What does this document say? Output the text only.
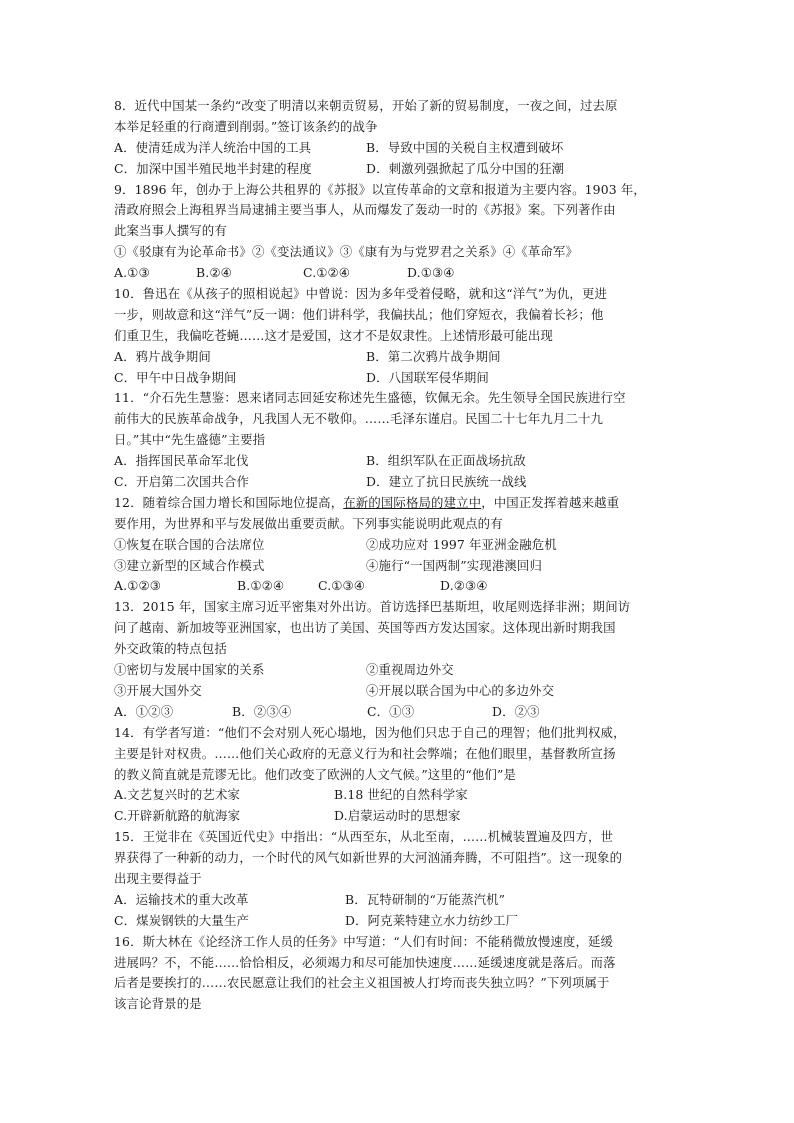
8．近代中国某一条约“改变了明清以来朝贡贸易，开始了新的贸易制度，一夜之间，过去原
本举足轻重的行商遭到削弱。”签订该条约的战争
A．使清廷成为洋人统治中国的工具	B．导致中国的关税自主权遭到破坏
C．加深中国半殖民地半封建的程度	D．刺激列强掀起了瓜分中国的狂潮
9．1896 年，创办于上海公共租界的《苏报》以宣传革命的文章和报道为主要内容。1903 年，
清政府照会上海租界当局逮捕主要当事人，从而爆发了轰动一时的《苏报》案。下列著作由
此案当事人撰写的有
①《驳康有为论革命书》②《变法通议》③《康有为与党罗君之关系》④《革命军》
A.①③	B.②④	C.①②④	D.①③④
10．鲁迅在《从孩子的照相说起》中曾说：因为多年受着侵略，就和这“洋气”为仇，更进
一步，则故意和这“洋气”反一调：他们讲科学，我偏扶乩；他们穿短衣，我偏着长衫；他
们重卫生，我偏吃苍蝇……这才是爱国，这才不是奴隶性。上述情形最可能出现
A．鸦片战争期间	B．第二次鸦片战争期间
C．甲午中日战争期间	D．八国联军侵华期间
11．“介石先生慧鉴：恩来诸同志回延安称述先生盛德，钦佩无余。先生领导全国民族进行空
前伟大的民族革命战争，凡我国人无不敬仰。……毛泽东谨启。民国二十七年九月二十九
日。”其中“先生盛德”主要指
A．指挥国民革命军北伐	B．组织军队在正面战场抗敌
C．开启第二次国共合作	D．建立了抗日民族统一战线
12．随着综合国力增长和国际地位提高，在新的国际格局的建立中，中国正发挥着越来越重
要作用，为世界和平与发展做出重要贡献。下列事实能说明此观点的有
①恢复在联合国的合法席位	②成功应对 1997 年亚洲金融危机
③建立新型的区域合作模式	④施行“一国两制”实现港澳回归
A.①②③	B.①②④	C.①③④	D.②③④
13．2015 年，国家主席习近平密集对外出访。首访选择巴基斯坦，收尾则选择非洲；期间访
问了越南、新加坡等亚洲国家，也出访了美国、英国等西方发达国家。这体现出新时期我国
外交政策的特点包括
①密切与发展中国家的关系	②重视周边外交
③开展大国外交	④开展以联合国为中心的多边外交
A．①②③	B．②③④	C．①③	D．②③
14．有学者写道：“他们不会对别人死心塌地，因为他们只忠于自己的理智；他们批判权威，
主要是针对权贵。……他们关心政府的无意义行为和社会弊端；在他们眼里，基督教所宣扬
的教义简直就是荒谬无比。他们改变了欧洲的人文气候。”这里的“他们”是
A.文艺复兴时的艺术家	B.18 世纪的自然科学家
C.开辟新航路的航海家	D.启蒙运动时的思想家
15．王觉非在《英国近代史》中指出：“从西至东，从北至南，……机械装置遍及四方，世
界获得了一种新的动力，一个时代的风气如新世界的大河汹涌奔腾，不可阻挡”。这一现象的
出现主要得益于
A．运输技术的重大改革	B．瓦特研制的“万能蒸汽机”
C．煤炭钢铁的大量生产	D．阿克莱特建立水力纺纱工厂
16．斯大林在《论经济工作人员的任务》中写道：“人们有时间：不能稍微放慢速度，延缓
进展吗？不，不能……恰恰相反，必须竭力和尽可能加快速度……延缓速度就是落后。而落
后者是要挨打的……农民愿意让我们的社会主义祖国被人打垮而丧失独立吗？”下列项属于
该言论背景的是
